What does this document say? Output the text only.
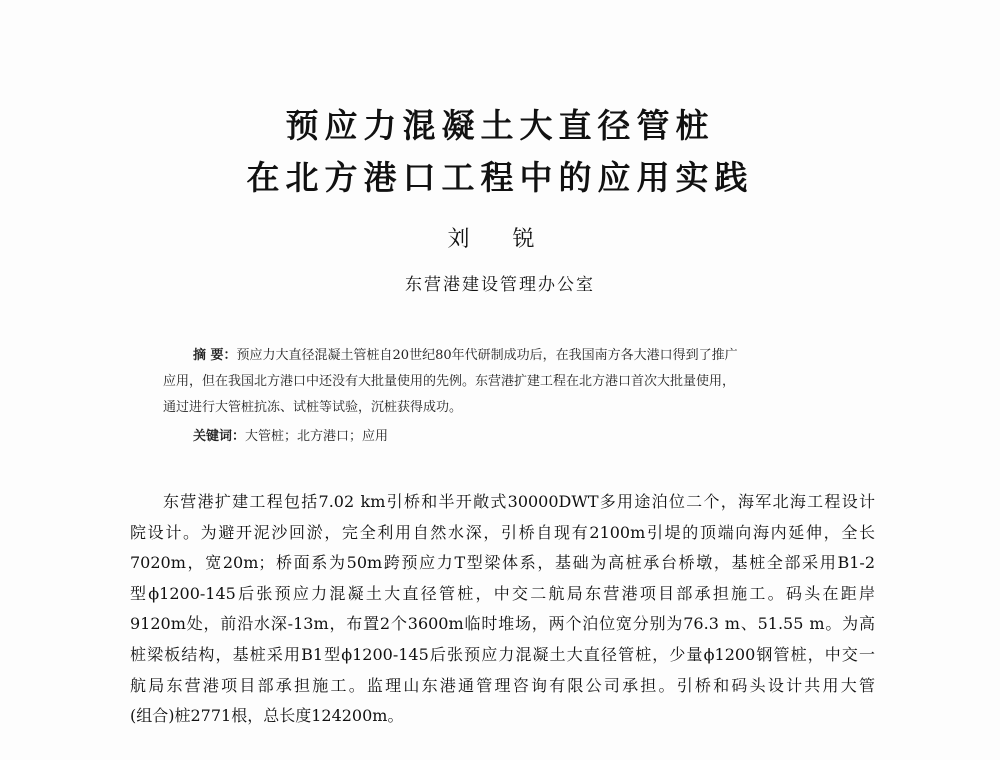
预应力混凝土大直径管桩
在北方港口工程中的应用实践
刘 锐
东营港建设管理办公室
摘 要：预应力大直径混凝土管桩自20世纪80年代研制成功后，在我国南方各大港口得到了推广
应用，但在我国北方港口中还没有大批量使用的先例。东营港扩建工程在北方港口首次大批量使用，
通过进行大管桩抗冻、试桩等试验，沉桩获得成功。
关键词：大管桩；北方港口；应用
东营港扩建工程包括7.02 km引桥和半开敞式30000DWT多用途泊位二个，海军北海工程设计
院设计。为避开泥沙回淤，完全利用自然水深，引桥自现有2100m引堤的顶端向海内延伸，全长
7020m，宽20m；桥面系为50m跨预应力T型梁体系，基础为高桩承台桥墩，基桩全部采用B1-2
型ϕ1200-145后张预应力混凝土大直径管桩，中交二航局东营港项目部承担施工。码头在距岸
9120m处，前沿水深-13m，布置2个3600m临时堆场，两个泊位宽分别为76.3 m、51.55 m。为高
桩梁板结构，基桩采用B1型ϕ1200-145后张预应力混凝土大直径管桩，少量ϕ1200钢管桩，中交一
航局东营港项目部承担施工。监理山东港通管理咨询有限公司承担。引桥和码头设计共用大管
(组合)桩2771根，总长度124200m。
